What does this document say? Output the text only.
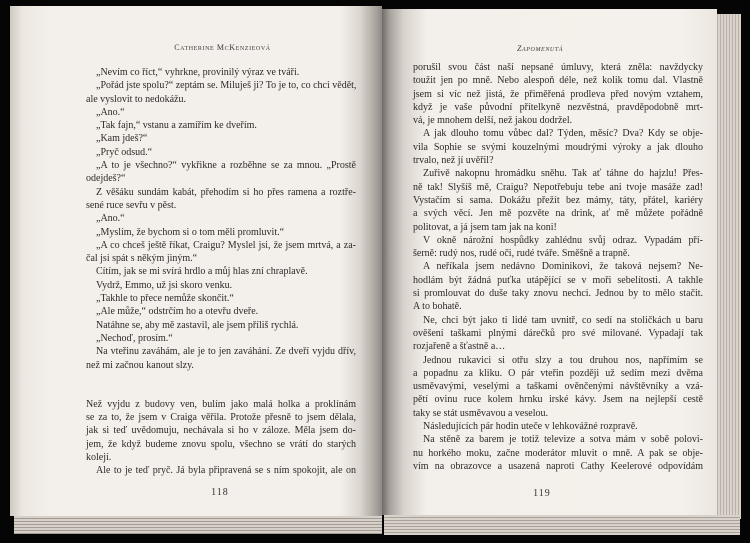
Catherine McKenzieová	Zapomenutá
„Nevím co říct,“ vyhrkne, provinilý výraz ve tváři.
„Pořád jste spolu?“ zeptám se. Miluješ ji? To je to, co chci vědět,
ale vyslovit to nedokážu.
„Ano.“
„Tak fajn,“ vstanu a zamířím ke dveřím.
„Kam jdeš?“
„Pryč odsud.“
„A to je všechno?“ vykřikne a rozběhne se za mnou. „Prostě
odejdeš?“
Z věšáku sundám kabát, přehodím si ho přes ramena a roztře-
sené ruce sevřu v pěst.
„Ano.“
„Myslím, že bychom si o tom měli promluvit.“
„A co chceš ještě říkat, Craigu? Myslel jsi, že jsem mrtvá, a za-
čal jsi spát s někým jiným.“
Cítím, jak se mi svírá hrdlo a můj hlas zní chraplavě.
Vydrž, Emmo, už jsi skoro venku.
„Takhle to přece nemůže skončit.“
„Ale může,“ odstrčím ho a otevřu dveře.
Natáhne se, aby mě zastavil, ale jsem příliš rychlá.
„Nechoď, prosím.“
Na vteřinu zaváhám, ale je to jen zaváhání. Ze dveří vyjdu dřív,
než mi začnou kanout slzy.
Než vyjdu z budovy ven, bulím jako malá holka a proklínám
se za to, že jsem v Craiga věřila. Protože přesně to jsem dělala,
jak si teď uvědomuju, nechávala si ho v záloze. Měla jsem do-
jem, že když budeme znovu spolu, všechno se vrátí do starých
kolejí.
Ale to je teď pryč. Já byla připravená se s ním spokojit, ale on
porušil svou část naší nepsané úmluvy, která zněla: navždycky
toužit jen po mně. Nebo alespoň déle, než kolik tomu dal. Vlastně
jsem si víc než jistá, že přiměřená prodleva před novým vztahem,
když je vaše původní přítelkyně nezvěstná, pravděpodobně mrt-
vá, je mnohem delší, než jakou dodržel.
A jak dlouho tomu vůbec dal? Týden, měsíc? Dva? Kdy se obje-
vila Sophie se svými kouzelnými moudrými výroky a jak dlouho
trvalo, než jí uvěřil?
Zuřivě nakopnu hromádku sněhu. Tak ať táhne do hajzlu! Přes-
ně tak! Slyšíš mě, Craigu? Nepotřebuju tebe ani tvoje masáže zad!
Vystačím si sama. Dokážu přežít bez mámy, táty, přátel, kariéry
a svých věcí. Jen mě pozvěte na drink, ať mě můžete pořádně
politovat, a já jsem tam jak na koni!
V okně nárožní hospůdky zahlédnu svůj odraz. Vypadám pří-
šerně: rudý nos, rudé oči, rudé tváře. Směšně a trapně.
A neříkala jsem nedávno Dominikovi, že taková nejsem? Ne-
hodlám být žádná puťka utápějící se v moři sebelítosti. A takhle
si promlouvat do duše taky znovu nechci. Jednou by to mělo stačit.
A to bohatě.
Ne, chci být jako ti lidé tam uvnitř, co sedí na stoličkách u baru
ověšení taškami plnými dárečků pro své milované. Vypadají tak
rozjařeně a šťastně a…
Jednou rukavici si otřu slzy a tou druhou nos, napřímím se
a popadnu za kliku. O pár vteřin později už sedím mezi dvěma
usměvavými, veselými a taškami ověnčenými návštěvníky a vzá-
pětí ovinu ruce kolem hrnku irské kávy. Jsem na nejlepší cestě
taky se stát usměvavou a veselou.
Následujících pár hodin uteče v lehkovážné rozpravě.
Na stěně za barem je totiž televize a sotva mám v sobě polovi-
nu horkého moku, začne moderátor mluvit o mně. A pak se obje-
vím na obrazovce a usazená naproti Cathy Keelerové odpovídám
118	119
